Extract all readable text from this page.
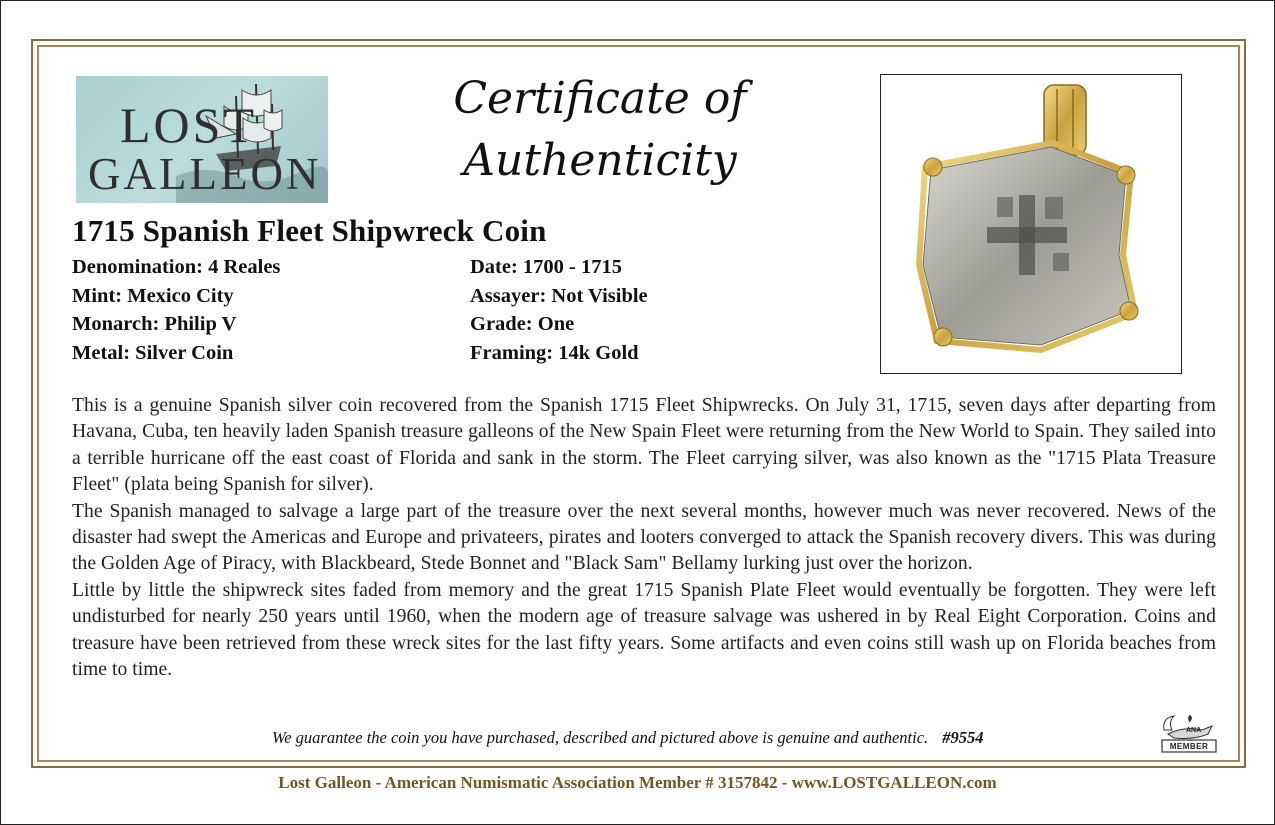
LOST
GALLEON
Certificate of
Authenticity
1715 Spanish Fleet Shipwreck Coin
Denomination: 4 Reales
Mint: Mexico City
Monarch: Philip V
Metal: Silver Coin
Date: 1700 - 1715
Assayer: Not Visible
Grade: One
Framing: 14k Gold

This is a genuine Spanish silver coin recovered from the Spanish 1715 Fleet Shipwrecks. On July 31, 1715, seven days after departing from Havana, Cuba, ten heavily laden Spanish treasure galleons of the New Spain Fleet were returning from the New World to Spain. They sailed into a terrible hurricane off the east coast of Florida and sank in the storm. The Fleet carrying silver, was also known as the "1715 Plata Treasure Fleet" (plata being Spanish for silver).

The Spanish managed to salvage a large part of the treasure over the next several months, however much was never recovered. News of the disaster had swept the Americas and Europe and privateers, pirates and looters converged to attack the Spanish recovery divers. This was during the Golden Age of Piracy, with Blackbeard, Stede Bonnet and "Black Sam" Bellamy lurking just over the horizon.

Little by little the shipwreck sites faded from memory and the great 1715 Spanish Plate Fleet would eventually be forgotten. They were left undisturbed for nearly 250 years until 1960, when the modern age of treasure salvage was ushered in by Real Eight Corporation. Coins and treasure have been retrieved from these wreck sites for the last fifty years. Some artifacts and even coins still wash up on Florida beaches from time to time.

We guarantee the coin you have purchased, described and pictured above is genuine and authentic. #9554	ANA
MEMBER
Lost Galleon - American Numismatic Association Member # 3157842 - www.LOSTGALLEON.com
